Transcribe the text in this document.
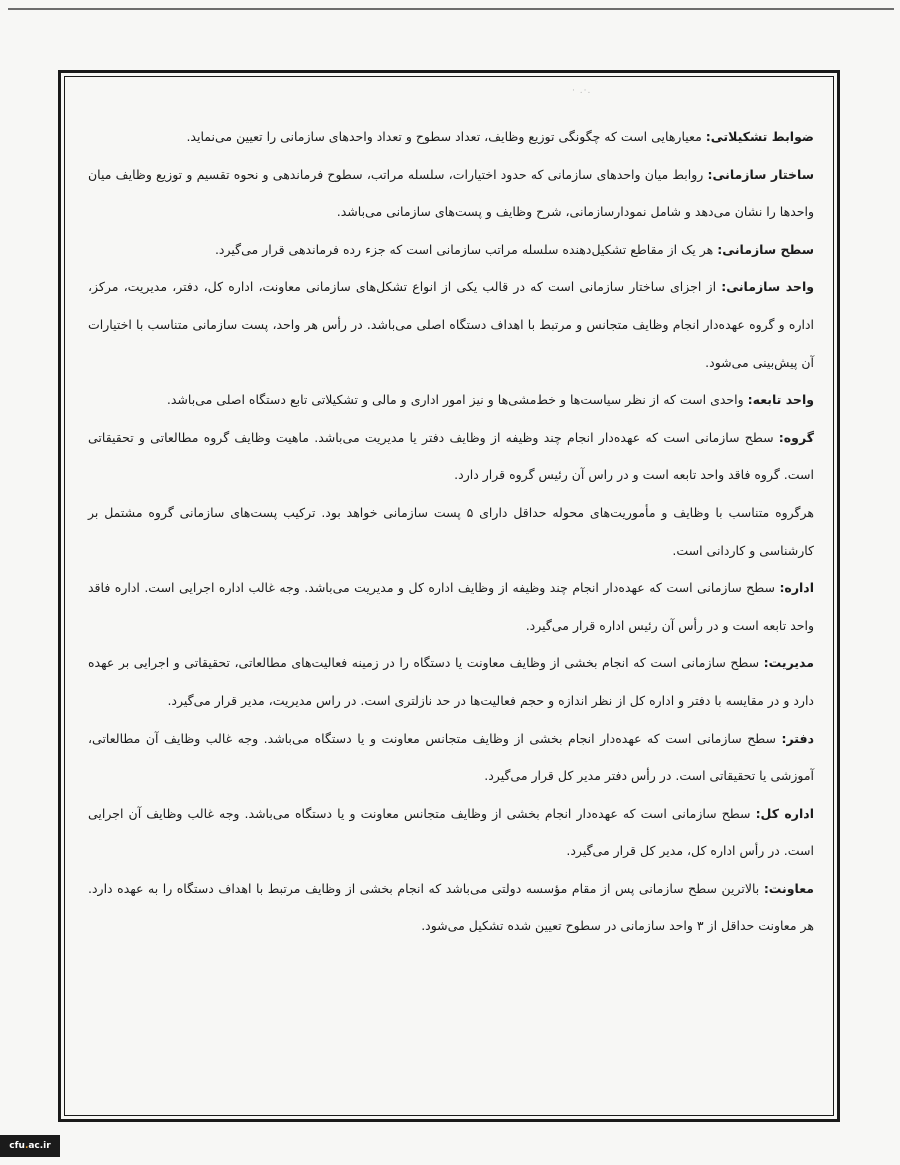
· .·.

ضوابط تشکیلاتی: معیارهایی است که چگونگی توزیع وظایف، تعداد سطوح و تعداد واحدهای سازمانی را تعیین می‌نماید.

ساختار سازمانی: روابط میان واحدهای سازمانی که حدود اختیارات، سلسله مراتب، سطوح فرماندهی و نحوه تقسیم و توزیع وظایف میان واحدها را نشان می‌دهد و شامل نمودارسازمانی، شرح وظایف و پست‌های سازمانی می‌باشد.

سطح سازمانی: هر یک از مقاطع تشکیل‌دهنده سلسله مراتب سازمانی است که جزء رده فرماندهی قرار می‌گیرد.

واحد سازمانی: از اجزای ساختار سازمانی است که در قالب یکی از انواع تشکل‌های سازمانی معاونت، اداره کل، دفتر، مدیریت، مرکز، اداره و گروه عهده‌دار انجام وظایف متجانس و مرتبط با اهداف دستگاه اصلی می‌باشد. در رأس هر واحد، پست سازمانی متناسب با اختیارات آن پیش‌بینی می‌شود.

واحد تابعه: واحدی است که از نظر سیاست‌ها و خط‌مشی‌ها و نیز امور اداری و مالی و تشکیلاتی تابع دستگاه اصلی می‌باشد.

گروه: سطح سازمانی است که عهده‌دار انجام چند وظیفه از وظایف دفتر یا مدیریت می‌باشد. ماهیت وظایف گروه مطالعاتی و تحقیقاتی است. گروه فاقد واحد تابعه است و در راس آن رئیس گروه قرار دارد.

هرگروه متناسب با وظایف و مأموریت‌های محوله حداقل دارای ۵ پست سازمانی خواهد بود. ترکیب پست‌های سازمانی گروه مشتمل بر کارشناسی و کاردانی است.

اداره: سطح سازمانی است که عهده‌دار انجام چند وظیفه از وظایف اداره کل و مدیریت می‌باشد. وجه غالب اداره اجرایی است. اداره فاقد واحد تابعه است و در رأس آن رئیس اداره قرار می‌گیرد.

مدیریت: سطح سازمانی است که انجام بخشی از وظایف معاونت یا دستگاه را در زمینه فعالیت‌های مطالعاتی، تحقیقاتی و اجرایی بر عهده دارد و در مقایسه با دفتر و اداره کل از نظر اندازه و حجم فعالیت‌ها در حد نازلتری است. در راس مدیریت، مدیر قرار می‌گیرد.

دفتر: سطح سازمانی است که عهده‌دار انجام بخشی از وظایف متجانس معاونت و یا دستگاه می‌باشد. وجه غالب وظایف آن مطالعاتی، آموزشی یا تحقیقاتی است. در رأس دفتر مدیر کل قرار می‌گیرد.

اداره کل: سطح سازمانی است که عهده‌دار انجام بخشی از وظایف متجانس معاونت و یا دستگاه می‌باشد. وجه غالب وظایف آن اجرایی است. در رأس اداره کل، مدیر کل قرار می‌گیرد.

معاونت: بالاترین سطح سازمانی پس از مقام مؤسسه دولتی می‌باشد که انجام بخشی از وظایف مرتبط با اهداف دستگاه را به عهده دارد. هر معاونت حداقل از ۳ واحد سازمانی در سطوح تعیین شده تشکیل می‌شود.

cfu.ac.ir
